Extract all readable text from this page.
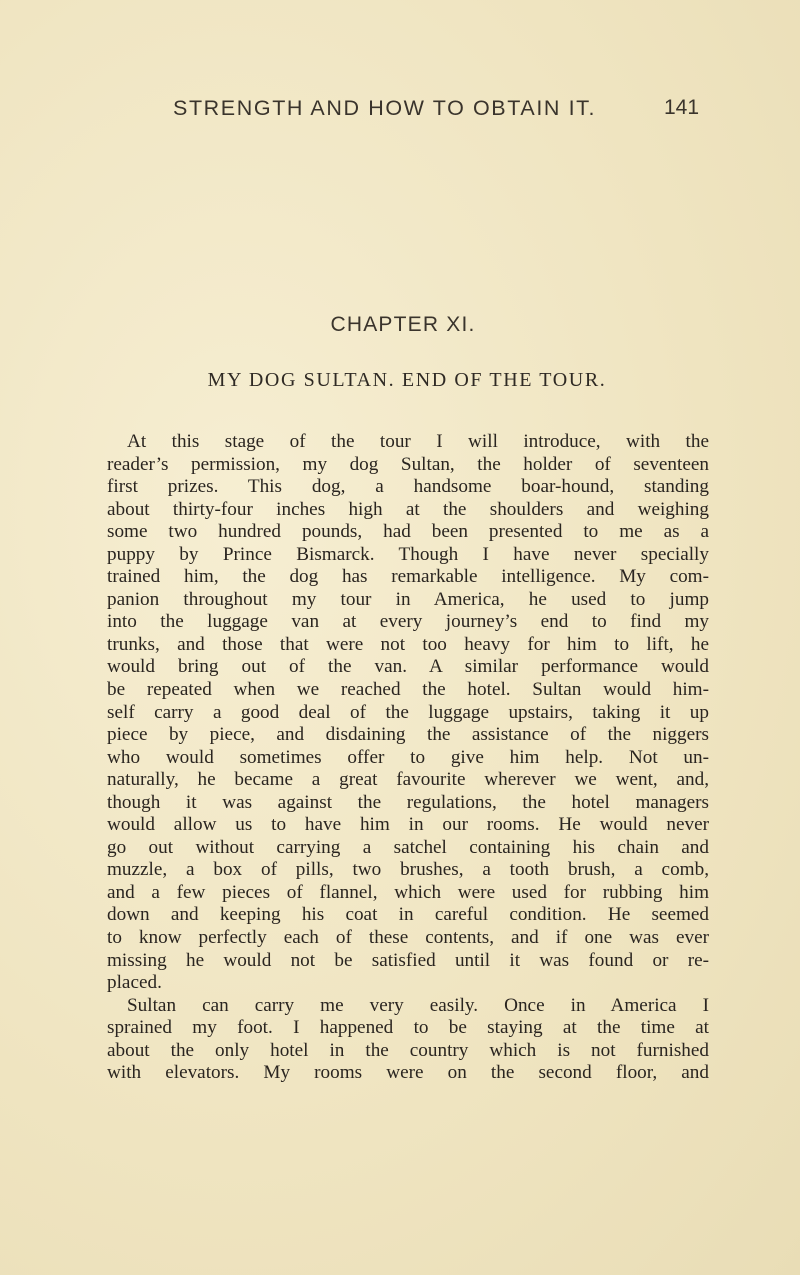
STRENGTH AND HOW TO OBTAIN IT.	141
CHAPTER XI.
MY DOG SULTAN. END OF THE TOUR.
At this stage of the tour I will introduce, with the
reader’s permission, my dog Sultan, the holder of seventeen
first prizes. This dog, a handsome boar-hound, standing
about thirty-four inches high at the shoulders and weighing
some two hundred pounds, had been presented to me as a
puppy by Prince Bismarck. Though I have never specially
trained him, the dog has remarkable intelligence. My com-
panion throughout my tour in America, he used to jump
into the luggage van at every journey’s end to find my
trunks, and those that were not too heavy for him to lift, he
would bring out of the van. A similar performance would
be repeated when we reached the hotel. Sultan would him-
self carry a good deal of the luggage upstairs, taking it up
piece by piece, and disdaining the assistance of the niggers
who would sometimes offer to give him help. Not un-
naturally, he became a great favourite wherever we went, and,
though it was against the regulations, the hotel managers
would allow us to have him in our rooms. He would never
go out without carrying a satchel containing his chain and
muzzle, a box of pills, two brushes, a tooth brush, a comb,
and a few pieces of flannel, which were used for rubbing him
down and keeping his coat in careful condition. He seemed
to know perfectly each of these contents, and if one was ever
missing he would not be satisfied until it was found or re-
placed.
Sultan can carry me very easily. Once in America I
sprained my foot. I happened to be staying at the time at
about the only hotel in the country which is not furnished
with elevators. My rooms were on the second floor, and
